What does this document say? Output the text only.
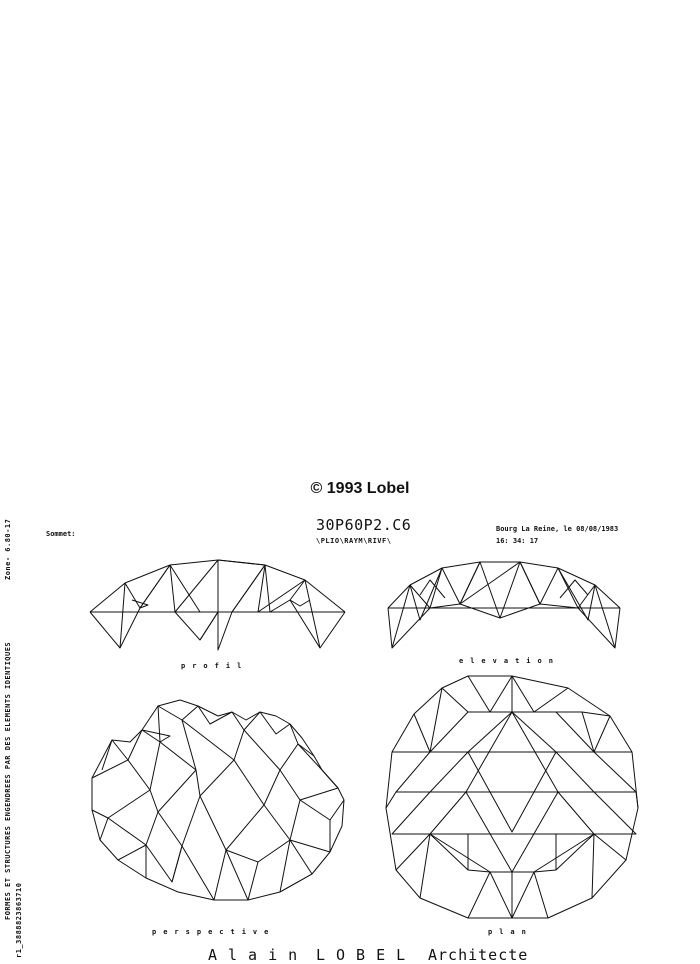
© 1993 Lobel
Sommet:	30P60P2.C6
\PLIO\RAYM\RIVF\
Bourg La Reine, le 08/08/1983
16: 34: 17
r1_3888823863710
FORMES ET STRUCTURES ENGENDREES PAR DES ELEMENTS IDENTIQUES
Zone- 6.80-17
profil
elevation
perspective	plan
Alain LOBEL Architecte
